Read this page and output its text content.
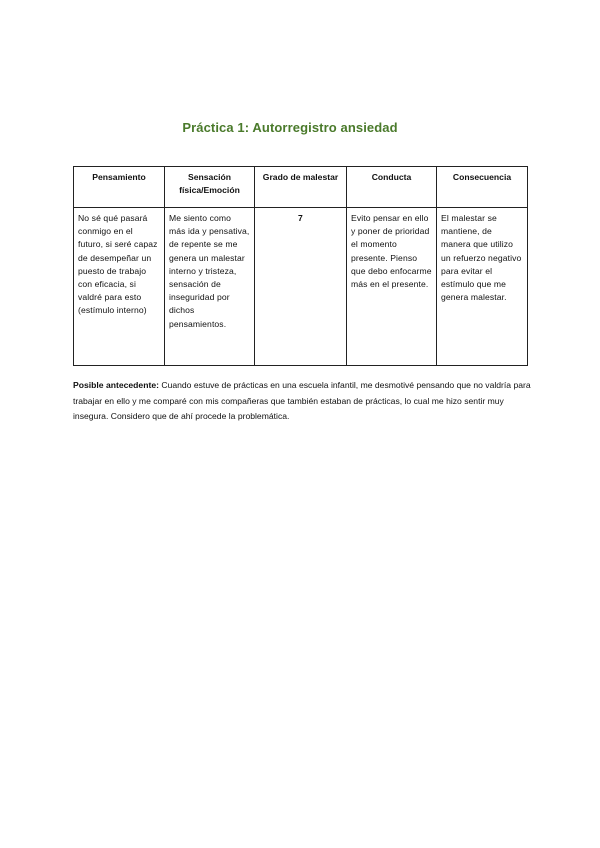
Práctica 1: Autorregistro ansiedad
Pensamiento	Sensación física/Emoción	Grado de malestar	Conducta	Consecuencia
No sé qué pasará conmigo en el futuro, si seré capaz de desempeñar un puesto de trabajo con eficacia, si valdré para esto (estímulo interno)	Me siento como más ida y pensativa, de repente se me genera un malestar interno y tristeza, sensación de inseguridad por dichos pensamientos.	7	Evito pensar en ello y poner de prioridad el momento presente. Pienso que debo enfocarme más en el presente.	El malestar se mantiene, de manera que utilizo un refuerzo negativo para evitar el estímulo que me genera malestar.
Posible antecedente: Cuando estuve de prácticas en una escuela infantil, me desmotivé pensando que no valdría para trabajar en ello y me comparé con mis compañeras que también estaban de prácticas, lo cual me hizo sentir muy insegura. Considero que de ahí procede la problemática.
